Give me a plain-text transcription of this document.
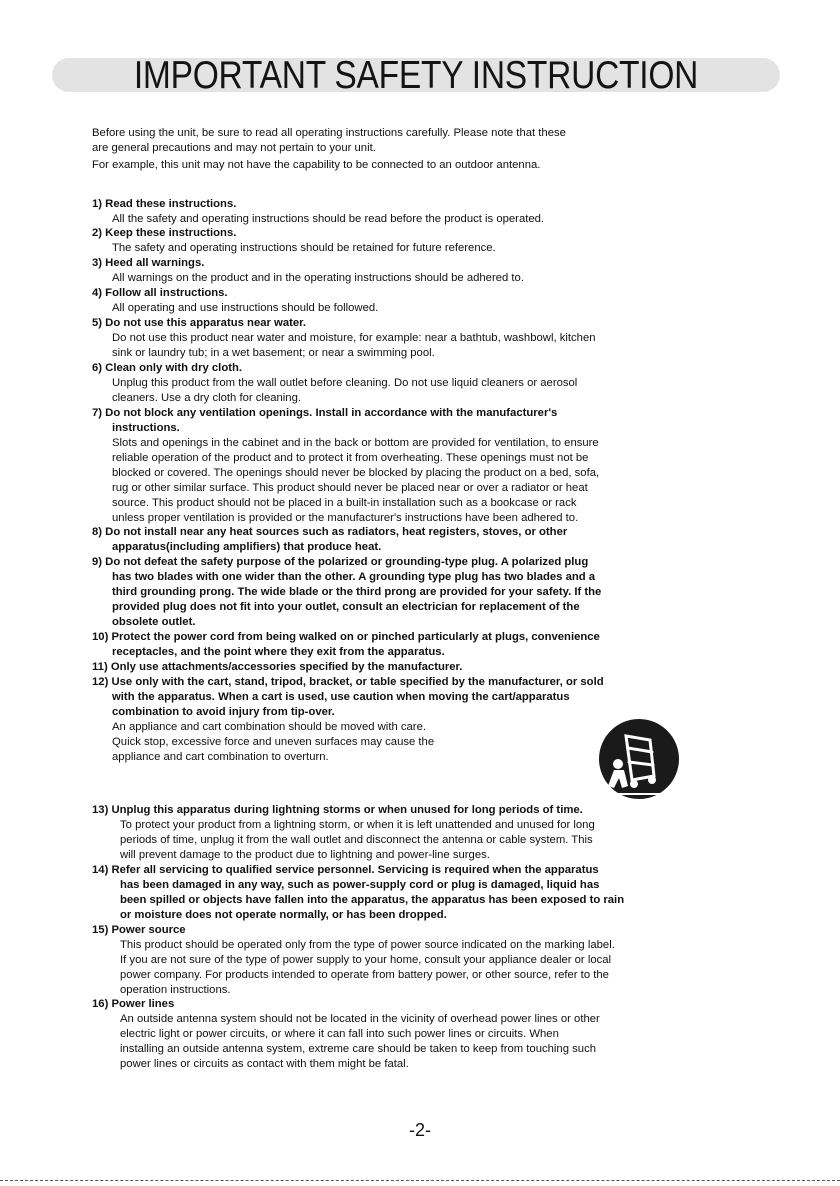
IMPORTANT SAFETY INSTRUCTION
Before using the unit, be sure to read all operating instructions carefully. Please note that these
are general precautions and may not pertain to your unit.
For example, this unit may not have the capability to be connected to an outdoor antenna.
1) Read these instructions.
All the safety and operating instructions should be read before the product is operated.
2) Keep these instructions.
The safety and operating instructions should be retained for future reference.
3) Heed all warnings.
All warnings on the product and in the operating instructions should be adhered to.
4) Follow all instructions.
All operating and use instructions should be followed.
5) Do not use this apparatus near water.
Do not use this product near water and moisture, for example: near a bathtub, washbowl, kitchen
sink or laundry tub; in a wet basement; or near a swimming pool.
6) Clean only with dry cloth.
Unplug this product from the wall outlet before cleaning. Do not use liquid cleaners or aerosol
cleaners. Use a dry cloth for cleaning.
7) Do not block any ventilation openings. Install in accordance with the manufacturer's
instructions.
Slots and openings in the cabinet and in the back or bottom are provided for ventilation, to ensure
reliable operation of the product and to protect it from overheating. These openings must not be
blocked or covered. The openings should never be blocked by placing the product on a bed, sofa,
rug or other similar surface. This product should never be placed near or over a radiator or heat
source. This product should not be placed in a built-in installation such as a bookcase or rack
unless proper ventilation is provided or the manufacturer's instructions have been adhered to.
8) Do not install near any heat sources such as radiators, heat registers, stoves, or other
apparatus(including amplifiers) that produce heat.
9) Do not defeat the safety purpose of the polarized or grounding-type plug. A polarized plug
has two blades with one wider than the other. A grounding type plug has two blades and a
third grounding prong. The wide blade or the third prong are provided for your safety. If the
provided plug does not fit into your outlet, consult an electrician for replacement of the
obsolete outlet.
10) Protect the power cord from being walked on or pinched particularly at plugs, convenience
receptacles, and the point where they exit from the apparatus.
11) Only use attachments/accessories specified by the manufacturer.
12) Use only with the cart, stand, tripod, bracket, or table specified by the manufacturer, or sold
with the apparatus. When a cart is used, use caution when moving the cart/apparatus
combination to avoid injury from tip-over.
An appliance and cart combination should be moved with care.
Quick stop, excessive force and uneven surfaces may cause the
appliance and cart combination to overturn.
13) Unplug this apparatus during lightning storms or when unused for long periods of time.
To protect your product from a lightning storm, or when it is left unattended and unused for long
periods of time, unplug it from the wall outlet and disconnect the antenna or cable system. This
will prevent damage to the product due to lightning and power-line surges.
14) Refer all servicing to qualified service personnel. Servicing is required when the apparatus
has been damaged in any way, such as power-supply cord or plug is damaged, liquid has
been spilled or objects have fallen into the apparatus, the apparatus has been exposed to rain
or moisture does not operate normally, or has been dropped.
15) Power source
This product should be operated only from the type of power source indicated on the marking label.
If you are not sure of the type of power supply to your home, consult your appliance dealer or local
power company. For products intended to operate from battery power, or other source, refer to the
operation instructions.
16) Power lines
An outside antenna system should not be located in the vicinity of overhead power lines or other
electric light or power circuits, or where it can fall into such power lines or circuits. When
installing an outside antenna system, extreme care should be taken to keep from touching such
power lines or circuits as contact with them might be fatal.
-2-
